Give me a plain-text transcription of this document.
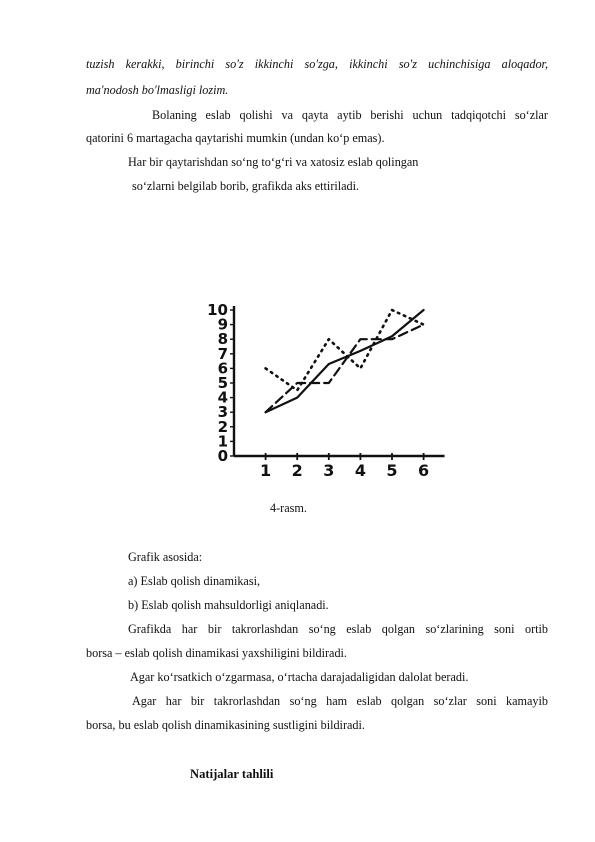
tuzish kerakki, birinchi so'z ikkinchi so'zga, ikkinchi so'z uchinchisiga aloqador,
ma'nodosh bo'lmasligi lozim.
Bolaning eslab qolishi va qayta aytib berishi uchun tadqiqotchi so‘zlar
qatorini 6 martagacha qaytarishi mumkin (undan ko‘p emas).
Har bir qaytarishdan so‘ng to‘g‘ri va xatosiz eslab qolingan
so‘zlarni belgilab borib, grafikda aks ettiriladi.
0
1
2
3
4
5
6
7
8
9
10
1 2 3 4 5 6
4-rasm.
Grafik asosida:
a) Eslab qolish dinamikasi,
b) Eslab qolish mahsuldorligi aniqlanadi.
Grafikda har bir takrorlashdan so‘ng eslab qolgan so‘zlarining soni ortib
borsa – eslab qolish dinamikasi yaxshiligini bildiradi.
Agar ko‘rsatkich o‘zgarmasa, o‘rtacha darajadaligidan dalolat beradi.
Agar har bir takrorlashdan so‘ng ham eslab qolgan so‘zlar soni kamayib
borsa, bu eslab qolish dinamikasining sustligini bildiradi.
Natijalar tahlili
